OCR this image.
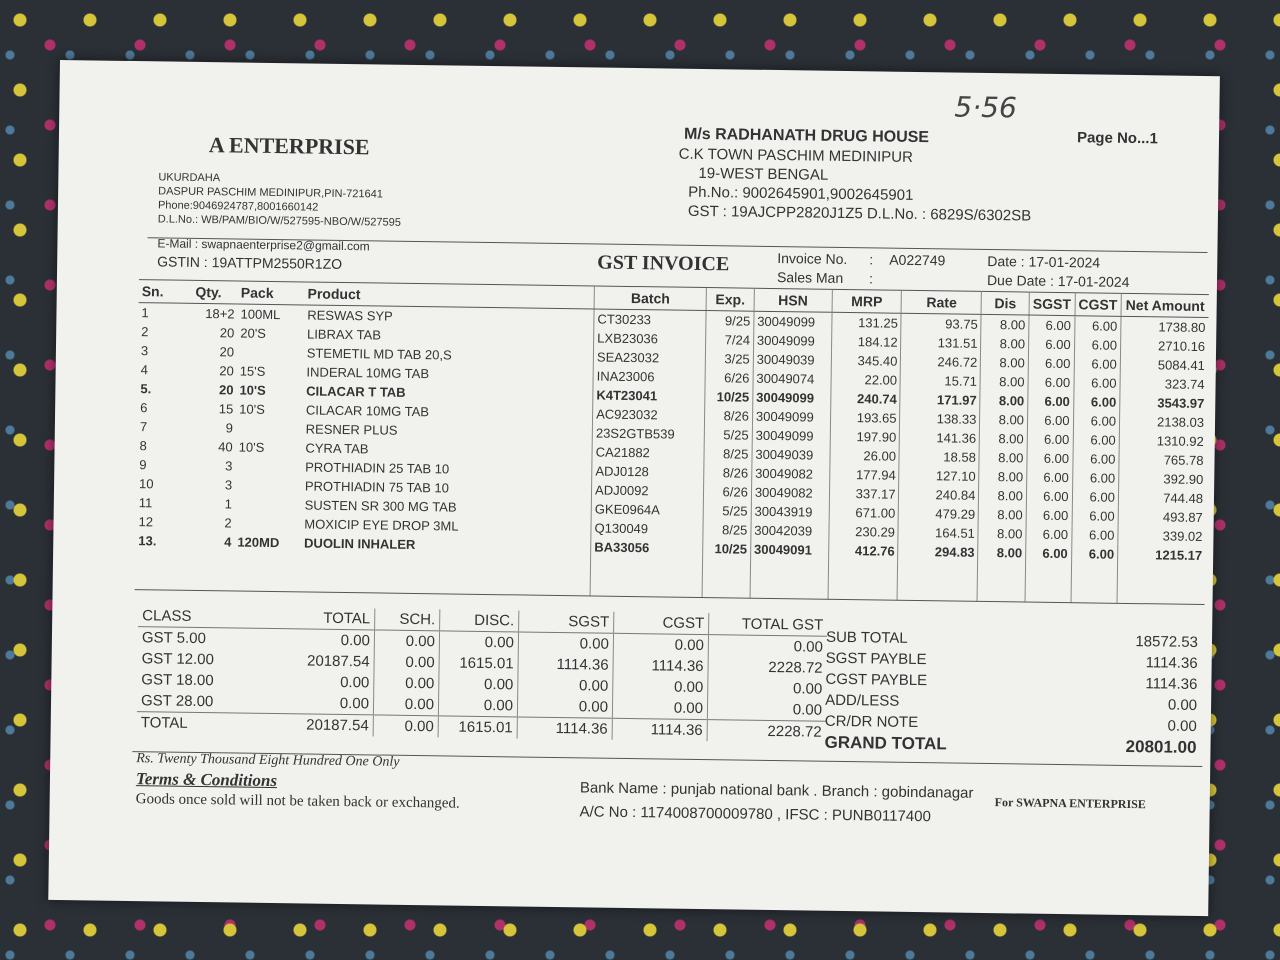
5·56
A ENTERPRISE
UKURDAHA
DASPUR PASCHIM MEDINIPUR,PIN-721641
Phone:9046924787,8001660142
D.L.No.: WB/PAM/BIO/W/527595-NBO/W/527595
E-Mail : swapnaenterprise2@gmail.com
GSTIN : 19ATTPM2550R1ZO
M/s RADHANATH DRUG HOUSE
C.K TOWN PASCHIM MEDINIPUR
19-WEST BENGAL
Ph.No.: 9002645901,9002645901
GST : 19AJCPP2820J1Z5 D.L.No. : 6829S/6302SB
Page No...1
GST INVOICE	Invoice No. : A022749
Sales Man :
Date : 17-01-2024
Due Date : 17-01-2024
Sn.	Qty.	Pack	Product	Batch	Exp.	HSN	MRP	Rate	Dis	SGST	CGST	Net Amount
1	18+2	100ML	RESWAS SYP	CT30233	9/25	30049099	131.25	93.75	8.00	6.00	6.00	1738.80
2	20	20'S	LIBRAX TAB	LXB23036	7/24	30049099	184.12	131.51	8.00	6.00	6.00	2710.16
3	20		STEMETIL MD TAB 20,S	SEA23032	3/25	30049039	345.40	246.72	8.00	6.00	6.00	5084.41
4	20	15'S	INDERAL 10MG TAB	INA23006	6/26	30049074	22.00	15.71	8.00	6.00	6.00	323.74
5.	20	10'S	CILACAR T TAB	K4T23041	10/25	30049099	240.74	171.97	8.00	6.00	6.00	3543.97
6	15	10'S	CILACAR 10MG TAB	AC923032	8/26	30049099	193.65	138.33	8.00	6.00	6.00	2138.03
7	9		RESNER PLUS	23S2GTB539	5/25	30049099	197.90	141.36	8.00	6.00	6.00	1310.92
8	40	10'S	CYRA TAB	CA21882	8/25	30049039	26.00	18.58	8.00	6.00	6.00	765.78
9	3		PROTHIADIN 25 TAB 10	ADJ0128	8/26	30049082	177.94	127.10	8.00	6.00	6.00	392.90
10	3		PROTHIADIN 75 TAB 10	ADJ0092	6/26	30049082	337.17	240.84	8.00	6.00	6.00	744.48
11	1		SUSTEN SR 300 MG TAB	GKE0964A	5/25	30043919	671.00	479.29	8.00	6.00	6.00	493.87
12	2		MOXICIP EYE DROP 3ML	Q130049	8/25	30042039	230.29	164.51	8.00	6.00	6.00	339.02
13.	4	120MD	DUOLIN INHALER	BA33056	10/25	30049091	412.76	294.83	8.00	6.00	6.00	1215.17

CLASS	TOTAL	SCH.	DISC.	SGST	CGST	TOTAL GST
GST 5.00	0.00	0.00	0.00	0.00	0.00	0.00
GST 12.00	20187.54	0.00	1615.01	1114.36	1114.36	2228.72
GST 18.00	0.00	0.00	0.00	0.00	0.00	0.00
GST 28.00	0.00	0.00	0.00	0.00	0.00	0.00
TOTAL	20187.54	0.00	1615.01	1114.36	1114.36	2228.72
SUB TOTAL	18572.53
SGST PAYBLE	1114.36
CGST PAYBLE	1114.36
ADD/LESS	0.00
CR/DR NOTE	0.00
GRAND TOTAL	20801.00
Rs. Twenty Thousand Eight Hundred One Only
Terms & Conditions
Goods once sold will not be taken back or exchanged.	Bank Name : punjab national bank . Branch : gobindanagar
A/C No : 1174008700009780 , IFSC : PUNB0117400
For SWAPNA ENTERPRISE
